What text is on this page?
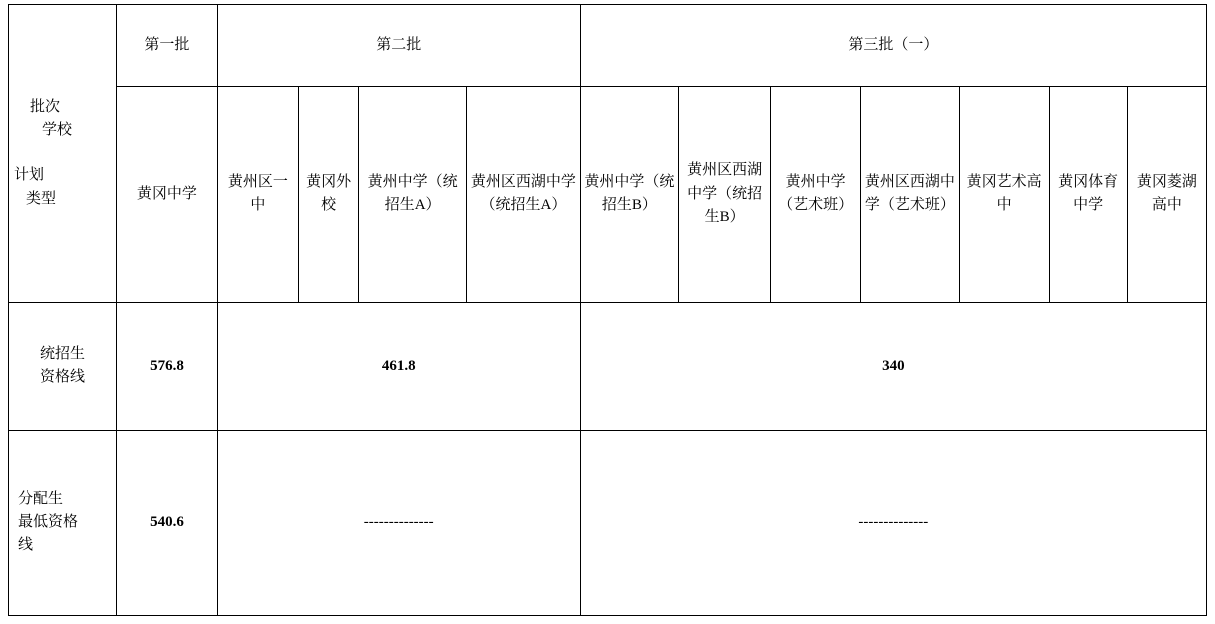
批次
学校
计划
类型	第一批	第二批				第三批（一）						
	黄冈中学	黄州区一中	黄冈外校	黄州中学（统招生A）	黄州区西湖中学（统招生A）	黄州中学（统招生B）	黄州区西湖中学（统招生B）	黄州中学（艺术班）	黄州区西湖中学（艺术班）	黄冈艺术高中	黄冈体育中学	黄冈菱湖高中

统招生
资格线	576.8	461.8				340						

分配生
最低资格
线	540.6	--------------				--------------						
